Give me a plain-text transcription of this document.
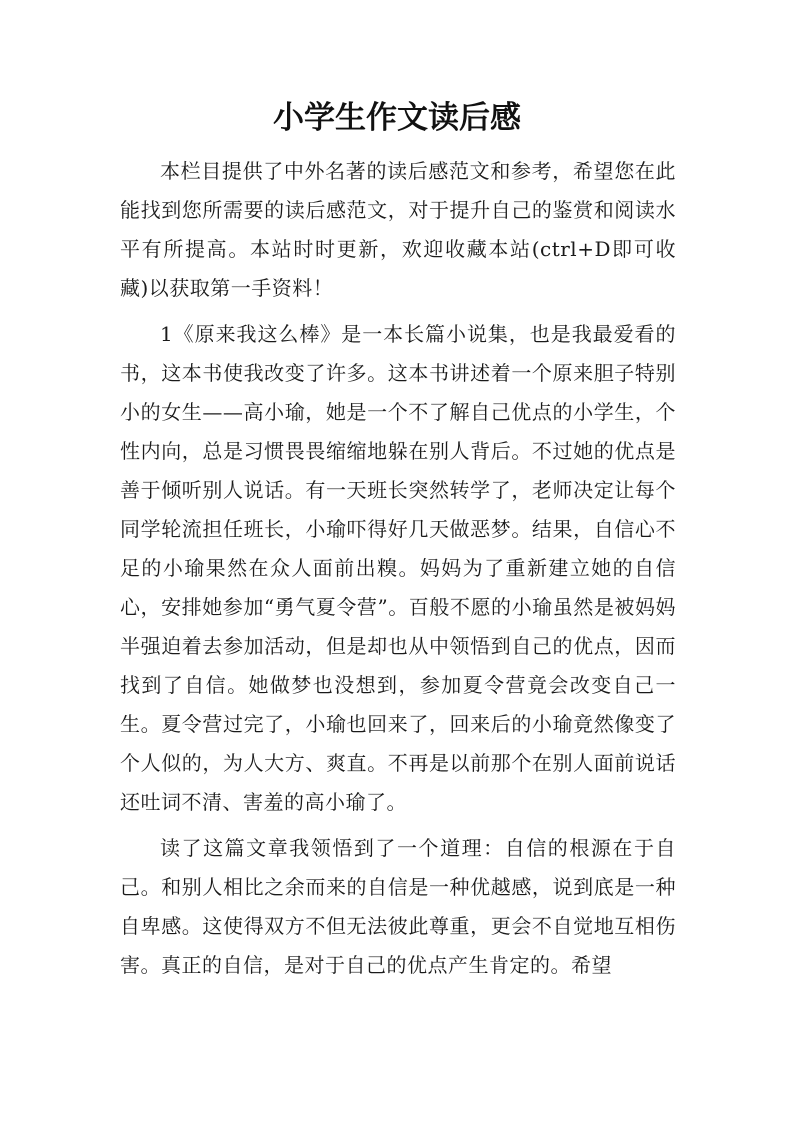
小学生作文读后感

本栏目提供了中外名著的读后感范文和参考，希望您在此能找到您所需要的读后感范文，对于提升自己的鉴赏和阅读水平有所提高。本站时时更新，欢迎收藏本站(ctrl+D即可收藏)以获取第一手资料！

1《原来我这么棒》是一本长篇小说集，也是我最爱看的书，这本书使我改变了许多。这本书讲述着一个原来胆子特别小的女生——高小瑜，她是一个不了解自己优点的小学生，个性内向，总是习惯畏畏缩缩地躲在别人背后。不过她的优点是善于倾听别人说话。有一天班长突然转学了，老师决定让每个同学轮流担任班长，小瑜吓得好几天做恶梦。结果，自信心不足的小瑜果然在众人面前出糗。妈妈为了重新建立她的自信心，安排她参加“勇气夏令营”。百般不愿的小瑜虽然是被妈妈半强迫着去参加活动，但是却也从中领悟到自己的优点，因而找到了自信。她做梦也没想到，参加夏令营竟会改变自己一生。夏令营过完了，小瑜也回来了，回来后的小瑜竟然像变了个人似的，为人大方、爽直。不再是以前那个在别人面前说话还吐词不清、害羞的高小瑜了。

读了这篇文章我领悟到了一个道理：自信的根源在于自己。和别人相比之余而来的自信是一种优越感，说到底是一种自卑感。这使得双方不但无法彼此尊重，更会不自觉地互相伤害。真正的自信，是对于自己的优点产生肯定的。希望
